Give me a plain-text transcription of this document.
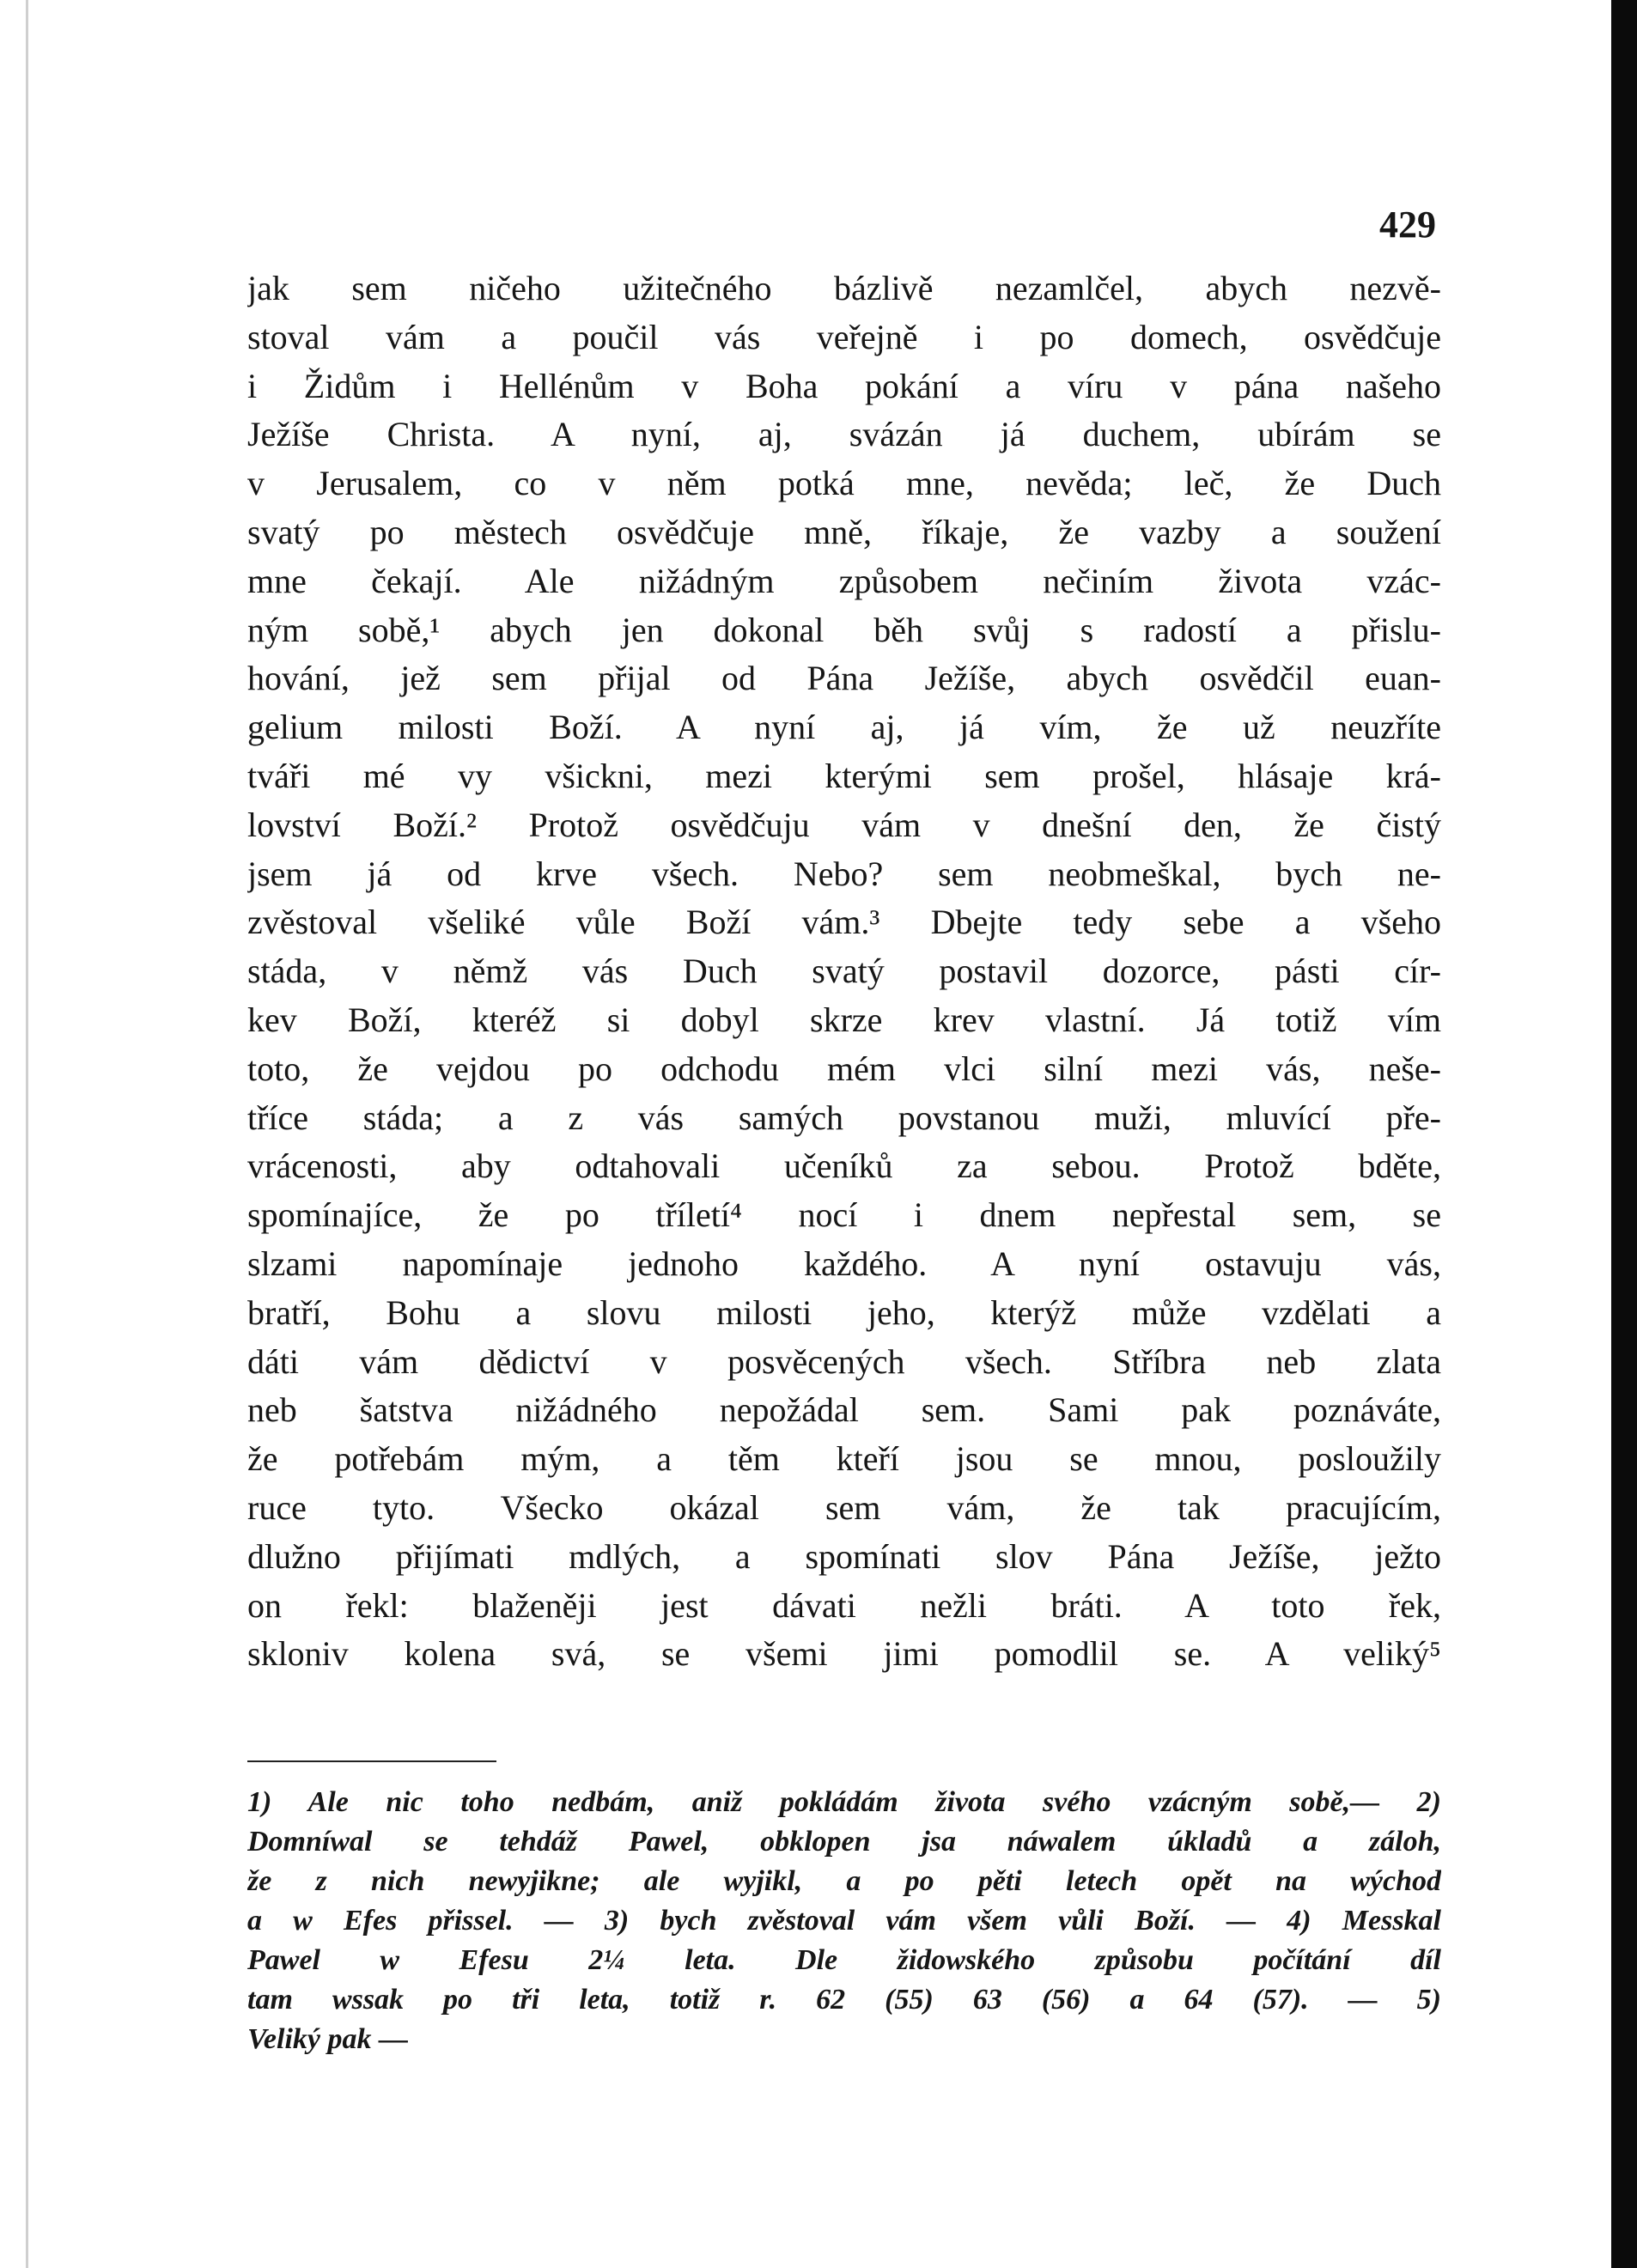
429
jak sem ničeho užitečného bázlivě nezamlčel, abych nezvě-
stoval vám a poučil vás veřejně i po domech, osvědčuje
i Židům i Hellénům v Boha pokání a víru v pána našeho
Ježíše Christa. A nyní, aj, svázán já duchem, ubírám se
v Jerusalem, co v něm potká mne, nevěda; leč, že Duch
svatý po městech osvědčuje mně, říkaje, že vazby a soužení
mne čekají. Ale nižádným způsobem nečiním života vzác-
ným sobě,¹ abych jen dokonal běh svůj s radostí a přislu-
hování, jež sem přijal od Pána Ježíše, abych osvědčil euan-
gelium milosti Boží. A nyní aj, já vím, že už neuzříte
tváři mé vy všickni, mezi kterými sem prošel, hlásaje krá-
lovství Boží.² Protož osvědčuju vám v dnešní den, že čistý
jsem já od krve všech. Nebo? sem neobmeškal, bych ne-
zvěstoval všeliké vůle Boží vám.³ Dbejte tedy sebe a všeho
stáda, v němž vás Duch svatý postavil dozorce, pásti cír-
kev Boží, kteréž si dobyl skrze krev vlastní. Já totiž vím
toto, že vejdou po odchodu mém vlci silní mezi vás, neše-
tříce stáda; a z vás samých povstanou muži, mluvící pře-
vrácenosti, aby odtahovali učeníků za sebou. Protož bděte,
spomínajíce, že po tříletí⁴ nocí i dnem nepřestal sem, se
slzami napomínaje jednoho každého. A nyní ostavuju vás,
bratří, Bohu a slovu milosti jeho, kterýž může vzdělati a
dáti vám dědictví v posvěcených všech. Stříbra neb zlata
neb šatstva nižádného nepožádal sem. Sami pak poznáváte,
že potřebám mým, a těm kteří jsou se mnou, posloužily
ruce tyto. Všecko okázal sem vám, že tak pracujícím,
dlužno přijímati mdlých, a spomínati slov Pána Ježíše, ježto
on řekl: blaženěji jest dávati nežli bráti. A toto řek,
skloniv kolena svá, se všemi jimi pomodlil se. A veliký⁵
1) Ale nic toho nedbám, aniž pokládám života svého vzácným sobě,— 2)
Domníwal se tehdáž Pawel, obklopen jsa náwalem úkladů a záloh,
že z nich newyjikne; ale wyjikl, a po pěti letech opět na wýchod
a w Efes přissel. — 3) bych zvěstoval vám všem vůli Boží. — 4) Messkal
Pawel w Efesu 2¼ leta. Dle židowského způsobu počítání díl
tam wssak po tři leta, totiž r. 62 (55) 63 (56) a 64 (57). — 5)
Veliký pak —
